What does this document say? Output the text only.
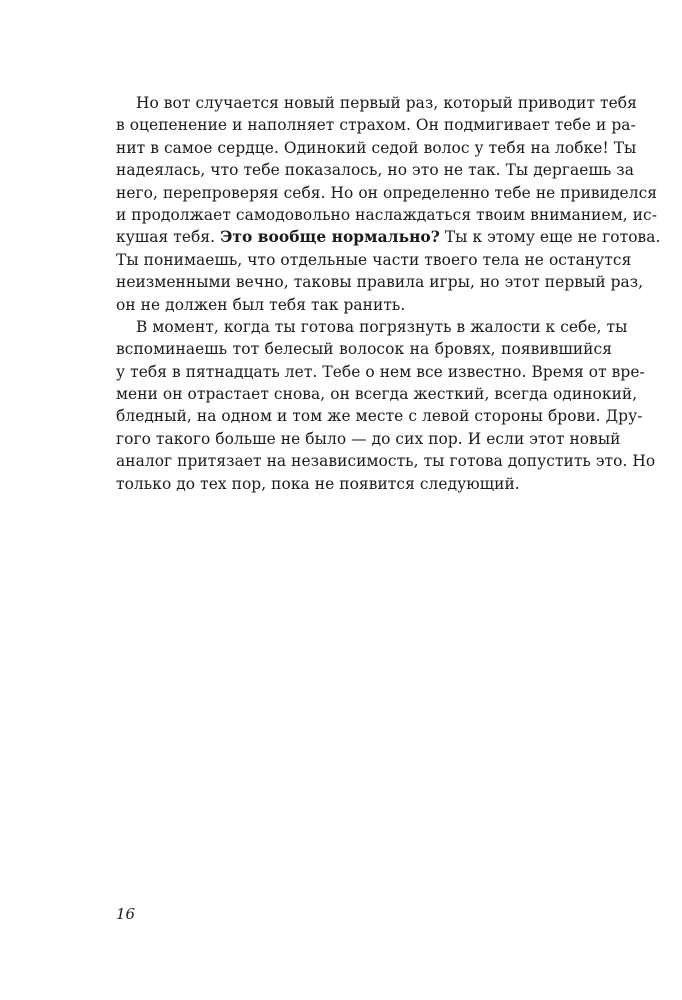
Но вот случается новый первый раз, который приводит тебя
в оцепенение и наполняет страхом. Он подмигивает тебе и ра-
нит в самое сердце. Одинокий седой волос у тебя на лобке! Ты
надеялась, что тебе показалось, но это не так. Ты дергаешь за
него, перепроверяя себя. Но он определенно тебе не привиделся
и продолжает самодовольно наслаждаться твоим вниманием, ис-
кушая тебя. Это вообще нормально? Ты к этому еще не готова.
Ты понимаешь, что отдельные части твоего тела не останутся
неизменными вечно, таковы правила игры, но этот первый раз,
он не должен был тебя так ранить.
В момент, когда ты готова погрязнуть в жалости к себе, ты
вспоминаешь тот белесый волосок на бровях, появившийся
у тебя в пятнадцать лет. Тебе о нем все известно. Время от вре-
мени он отрастает снова, он всегда жесткий, всегда одинокий,
бледный, на одном и том же месте с левой стороны брови. Дру-
гого такого больше не было — до сих пор. И если этот новый
аналог притязает на независимость, ты готова допустить это. Но
только до тех пор, пока не появится следующий.
16
